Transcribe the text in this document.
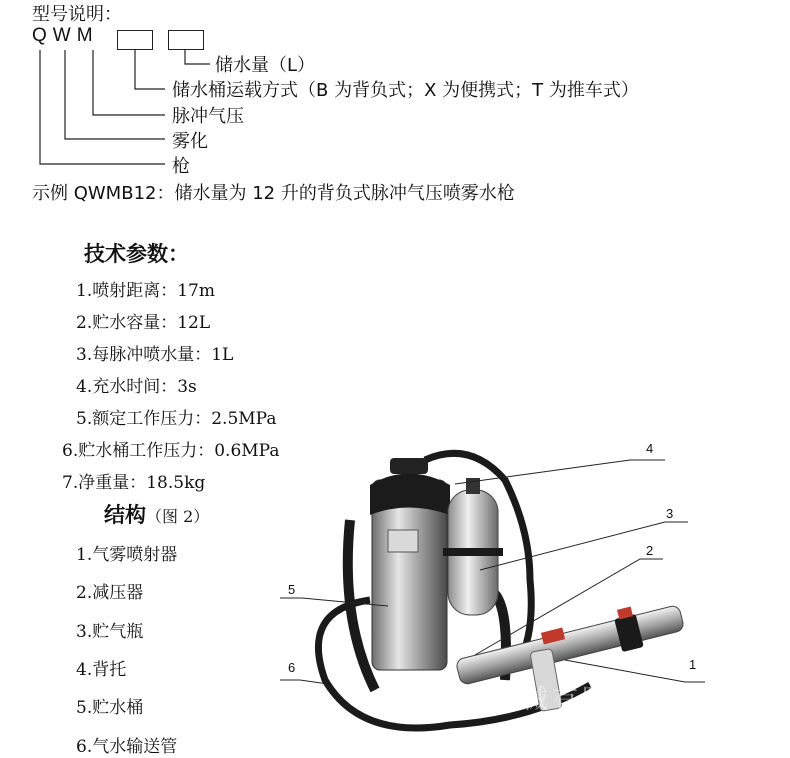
型号说明：
QWM
储水量（L）
储水桶运载方式（B 为背负式；X 为便携式；T 为推车式）
脉冲气压
雾化
枪
示例 QWMB12：储水量为 12 升的背负式脉冲气压喷雾水枪
技术参数：
1.喷射距离：17m
2.贮水容量：12L
3.每脉冲喷水量：1L
4.充水时间：3s
5.额定工作压力：2.5MPa
6.贮水桶工作压力：0.6MPa
7.净重量：18.5kg
结构（图 2）
1.气雾喷射器
2.减压器
3.贮气瓶
4.背托
5.贮水桶
6.气水输送管
泉州龙城机械有限
4
3
2
1
5
6
